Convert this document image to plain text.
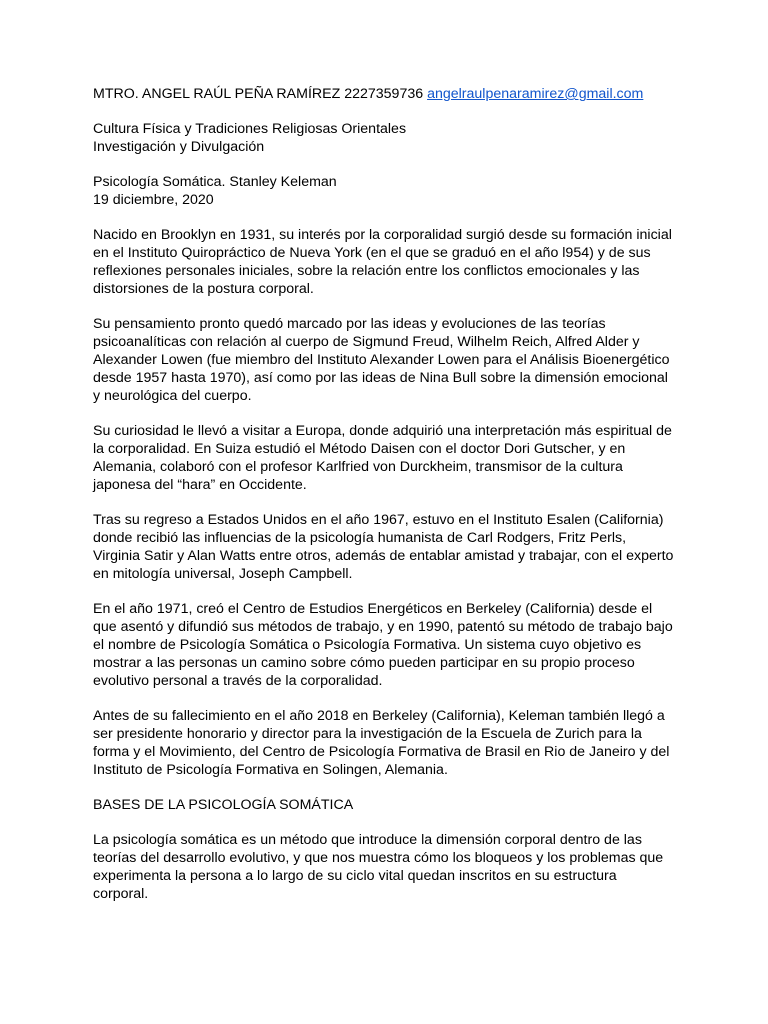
MTRO. ANGEL RAÚL PEÑA RAMÍREZ 2227359736 angelraulpenaramirez@gmail.com
Cultura Física y Tradiciones Religiosas Orientales
Investigación y Divulgación
Psicología Somática. Stanley Keleman
19 diciembre, 2020
Nacido en Brooklyn en 1931, su interés por la corporalidad surgió desde su formación inicial
en el Instituto Quiropráctico de Nueva York (en el que se graduó en el año l954) y de sus
reflexiones personales iniciales, sobre la relación entre los conflictos emocionales y las
distorsiones de la postura corporal.
Su pensamiento pronto quedó marcado por las ideas y evoluciones de las teorías
psicoanalíticas con relación al cuerpo de Sigmund Freud, Wilhelm Reich, Alfred Alder y
Alexander Lowen (fue miembro del Instituto Alexander Lowen para el Análisis Bioenergético
desde 1957 hasta 1970), así como por las ideas de Nina Bull sobre la dimensión emocional
y neurológica del cuerpo.
Su curiosidad le llevó a visitar a Europa, donde adquirió una interpretación más espiritual de
la corporalidad. En Suiza estudió el Método Daisen con el doctor Dori Gutscher, y en
Alemania, colaboró con el profesor Karlfried von Durckheim, transmisor de la cultura
japonesa del “hara” en Occidente.
Tras su regreso a Estados Unidos en el año 1967, estuvo en el Instituto Esalen (California)
donde recibió las influencias de la psicología humanista de Carl Rodgers, Fritz Perls,
Virginia Satir y Alan Watts entre otros, además de entablar amistad y trabajar, con el experto
en mitología universal, Joseph Campbell.
En el año 1971, creó el Centro de Estudios Energéticos en Berkeley (California) desde el
que asentó y difundió sus métodos de trabajo, y en 1990, patentó su método de trabajo bajo
el nombre de Psicología Somática o Psicología Formativa. Un sistema cuyo objetivo es
mostrar a las personas un camino sobre cómo pueden participar en su propio proceso
evolutivo personal a través de la corporalidad.
Antes de su fallecimiento en el año 2018 en Berkeley (California), Keleman también llegó a
ser presidente honorario y director para la investigación de la Escuela de Zurich para la
forma y el Movimiento, del Centro de Psicología Formativa de Brasil en Rio de Janeiro y del
Instituto de Psicología Formativa en Solingen, Alemania.
BASES DE LA PSICOLOGÍA SOMÁTICA
La psicología somática es un método que introduce la dimensión corporal dentro de las
teorías del desarrollo evolutivo, y que nos muestra cómo los bloqueos y los problemas que
experimenta la persona a lo largo de su ciclo vital quedan inscritos en su estructura
corporal.
